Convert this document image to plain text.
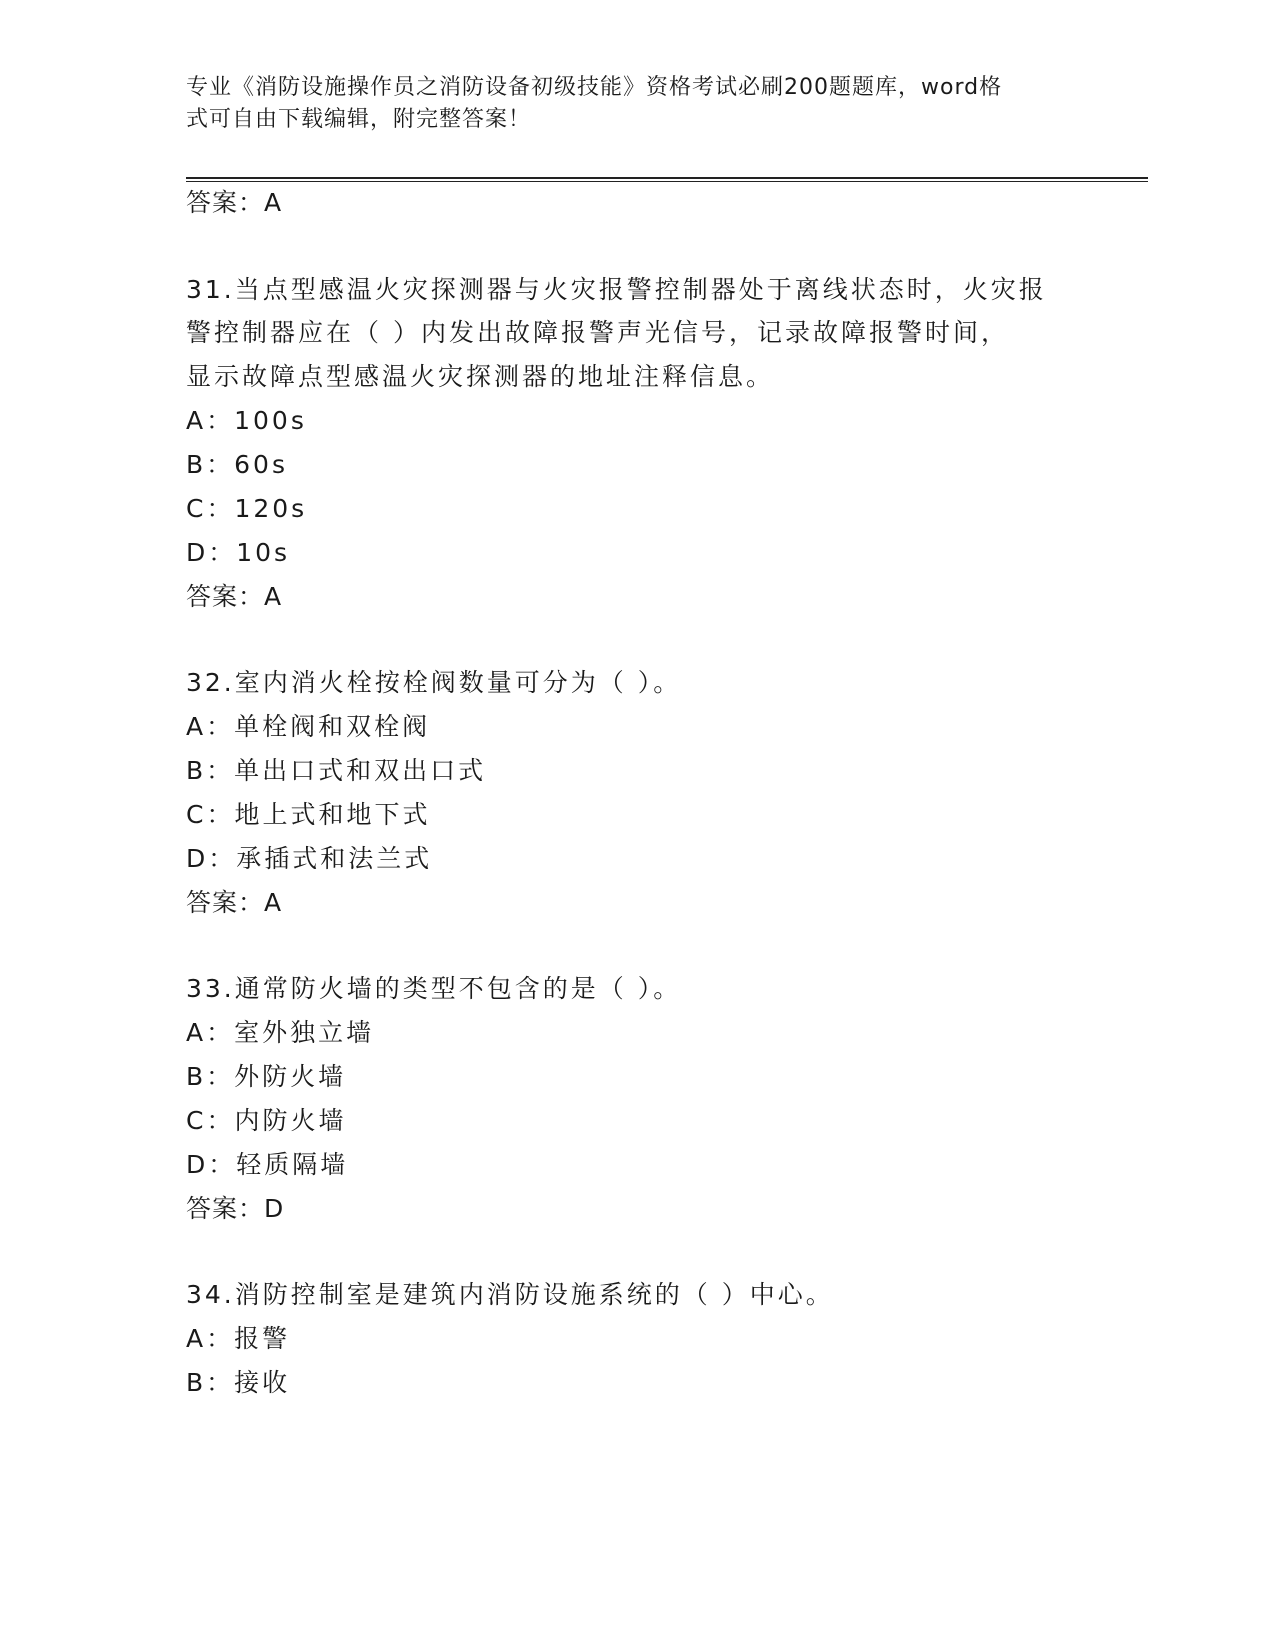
专业《消防设施操作员之消防设备初级技能》资格考试必刷200题题库，word格
式可自由下载编辑，附完整答案！
答案：A
31.当点型感温火灾探测器与火灾报警控制器处于离线状态时，火灾报
警控制器应在（ ）内发出故障报警声光信号，记录故障报警时间，
显示故障点型感温火灾探测器的地址注释信息。
A：100s
B：60s
C：120s
D：10s
答案：A
32.室内消火栓按栓阀数量可分为（ ）。
A：单栓阀和双栓阀
B：单出口式和双出口式
C：地上式和地下式
D：承插式和法兰式
答案：A
33.通常防火墙的类型不包含的是（ ）。
A：室外独立墙
B：外防火墙
C：内防火墙
D：轻质隔墙
答案：D
34.消防控制室是建筑内消防设施系统的（ ）中心。
A：报警
B：接收
